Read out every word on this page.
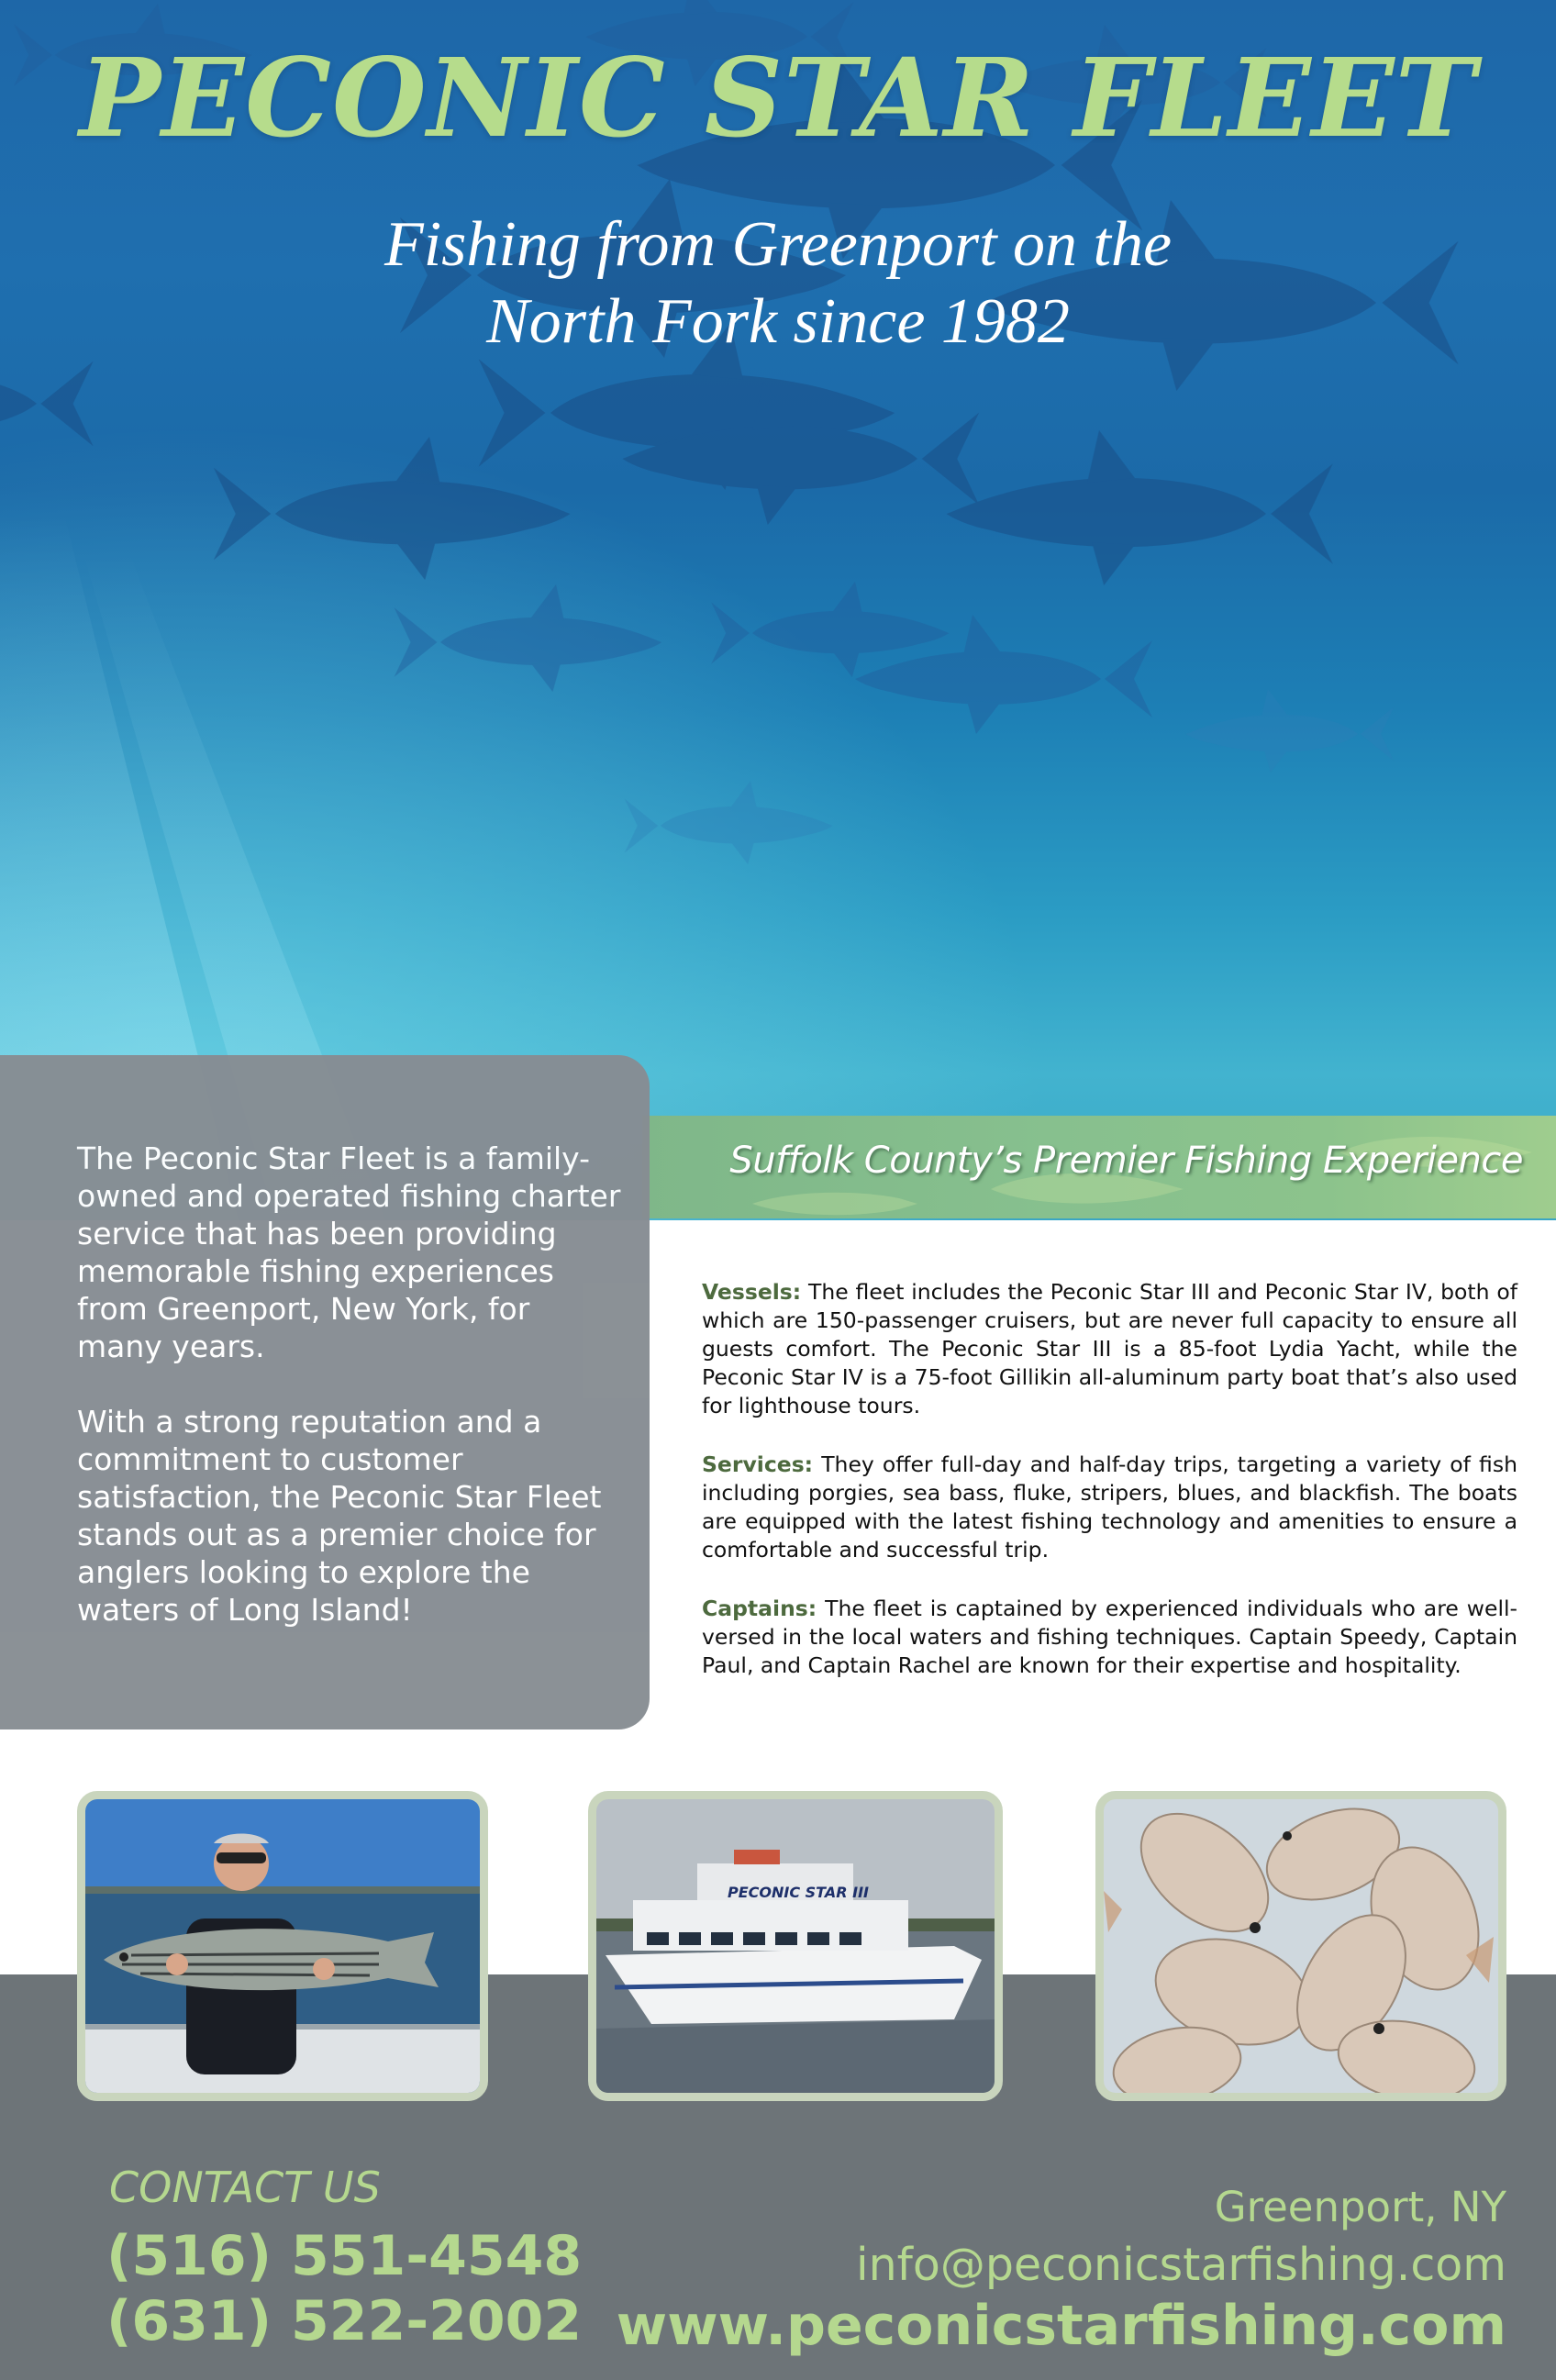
PECONIC STAR FLEET
Fishing from Greenport on the
North Fork since 1982
Suffolk County’s Premier Fishing Experience

The Peconic Star Fleet is a family-owned and operated fishing charter service that has been providing memorable fishing experiences from Greenport, New York, for many years.

With a strong reputation and a commitment to customer satisfaction, the Peconic Star Fleet stands out as a premier choice for anglers looking to explore the waters of Long Island!

Vessels: The fleet includes the Peconic Star III and Peconic Star IV, both of which are 150-passenger cruisers, but are never full capacity to ensure all guests comfort. The Peconic Star III is a 85-foot Lydia Yacht, while the Peconic Star IV is a 75-foot Gillikin all-aluminum party boat that’s also used for lighthouse tours.

Services: They offer full-day and half-day trips, targeting a variety of fish including porgies, sea bass, fluke, stripers, blues, and blackfish. The boats are equipped with the latest fishing technology and amenities to ensure a comfortable and successful trip.

Captains: The fleet is captained by experienced individuals who are well-versed in the local waters and fishing techniques. Captain Speedy, Captain Paul, and Captain Rachel are known for their expertise and hospitality.

PECONIC STAR III
CONTACT US
(516) 551-4548
(631) 522-2002
Greenport, NY
info@peconicstarfishing.com
www.peconicstarfishing.com
